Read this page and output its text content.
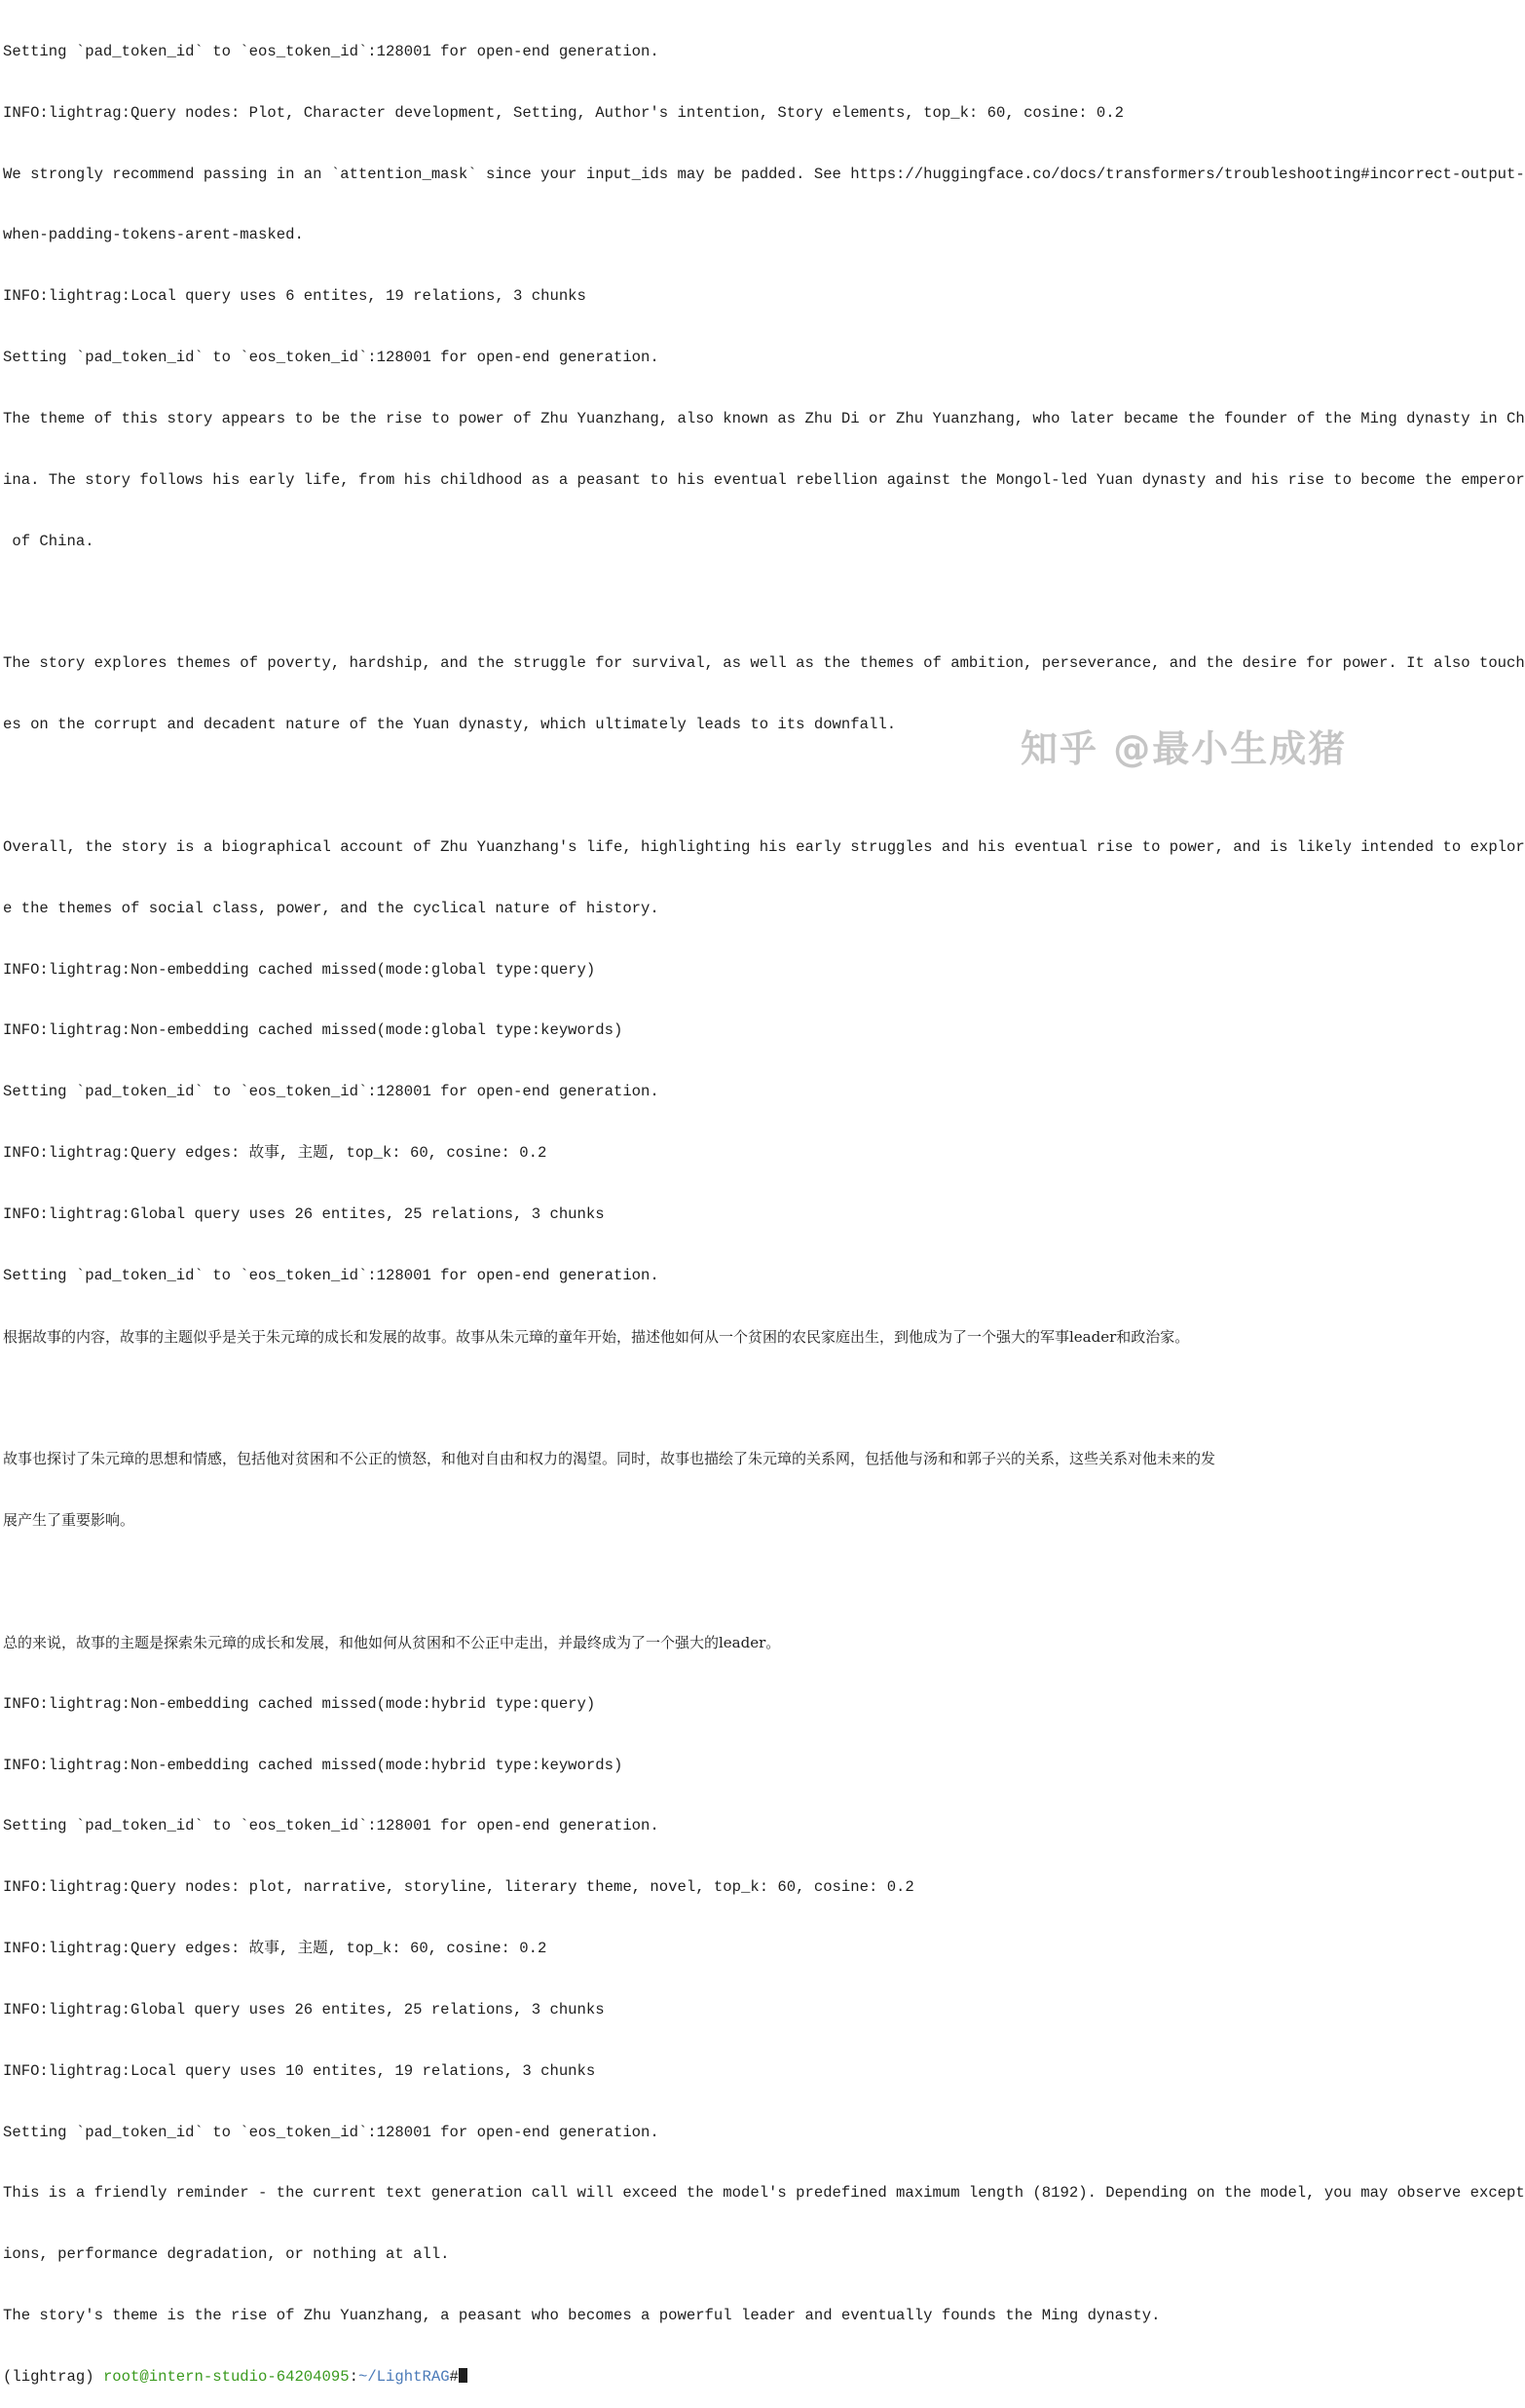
Setting `pad_token_id` to `eos_token_id`:128001 for open-end generation.

INFO:lightrag:Query nodes: Plot, Character development, Setting, Author's intention, Story elements, top_k: 60, cosine: 0.2

We strongly recommend passing in an `attention_mask` since your input_ids may be padded. See https://huggingface.co/docs/transformers/troubleshooting#incorrect-output-

when-padding-tokens-arent-masked.

INFO:lightrag:Local query uses 6 entites, 19 relations, 3 chunks

Setting `pad_token_id` to `eos_token_id`:128001 for open-end generation.

The theme of this story appears to be the rise to power of Zhu Yuanzhang, also known as Zhu Di or Zhu Yuanzhang, who later became the founder of the Ming dynasty in Ch

ina. The story follows his early life, from his childhood as a peasant to his eventual rebellion against the Mongol-led Yuan dynasty and his rise to become the emperor

of China.

The story explores themes of poverty, hardship, and the struggle for survival, as well as the themes of ambition, perseverance, and the desire for power. It also touch

es on the corrupt and decadent nature of the Yuan dynasty, which ultimately leads to its downfall.

Overall, the story is a biographical account of Zhu Yuanzhang's life, highlighting his early struggles and his eventual rise to power, and is likely intended to explor

e the themes of social class, power, and the cyclical nature of history.

INFO:lightrag:Non-embedding cached missed(mode:global type:query)

INFO:lightrag:Non-embedding cached missed(mode:global type:keywords)

Setting `pad_token_id` to `eos_token_id`:128001 for open-end generation.

INFO:lightrag:Query edges: 故事, 主题, top_k: 60, cosine: 0.2

INFO:lightrag:Global query uses 26 entites, 25 relations, 3 chunks

Setting `pad_token_id` to `eos_token_id`:128001 for open-end generation.

根据故事的内容，故事的主题似乎是关于朱元璋的成长和发展的故事。故事从朱元璋的童年开始，描述他如何从一个贫困的农民家庭出生，到他成为了一个强大的军事leader和政治家。

故事也探讨了朱元璋的思想和情感，包括他对贫困和不公正的愤怒，和他对自由和权力的渴望。同时，故事也描绘了朱元璋的关系网，包括他与汤和和郭子兴的关系，这些关系对他未来的发

展产生了重要影响。

总的来说，故事的主题是探索朱元璋的成长和发展，和他如何从贫困和不公正中走出，并最终成为了一个强大的leader。

INFO:lightrag:Non-embedding cached missed(mode:hybrid type:query)

INFO:lightrag:Non-embedding cached missed(mode:hybrid type:keywords)

Setting `pad_token_id` to `eos_token_id`:128001 for open-end generation.

INFO:lightrag:Query nodes: plot, narrative, storyline, literary theme, novel, top_k: 60, cosine: 0.2

INFO:lightrag:Query edges: 故事, 主题, top_k: 60, cosine: 0.2

INFO:lightrag:Global query uses 26 entites, 25 relations, 3 chunks

INFO:lightrag:Local query uses 10 entites, 19 relations, 3 chunks

Setting `pad_token_id` to `eos_token_id`:128001 for open-end generation.

This is a friendly reminder - the current text generation call will exceed the model's predefined maximum length (8192). Depending on the model, you may observe except

ions, performance degradation, or nothing at all.

The story's theme is the rise of Zhu Yuanzhang, a peasant who becomes a powerful leader and eventually founds the Ming dynasty.

(lightrag) root@intern-studio-64204095:~/LightRAG#

知乎 @最小生成猪
